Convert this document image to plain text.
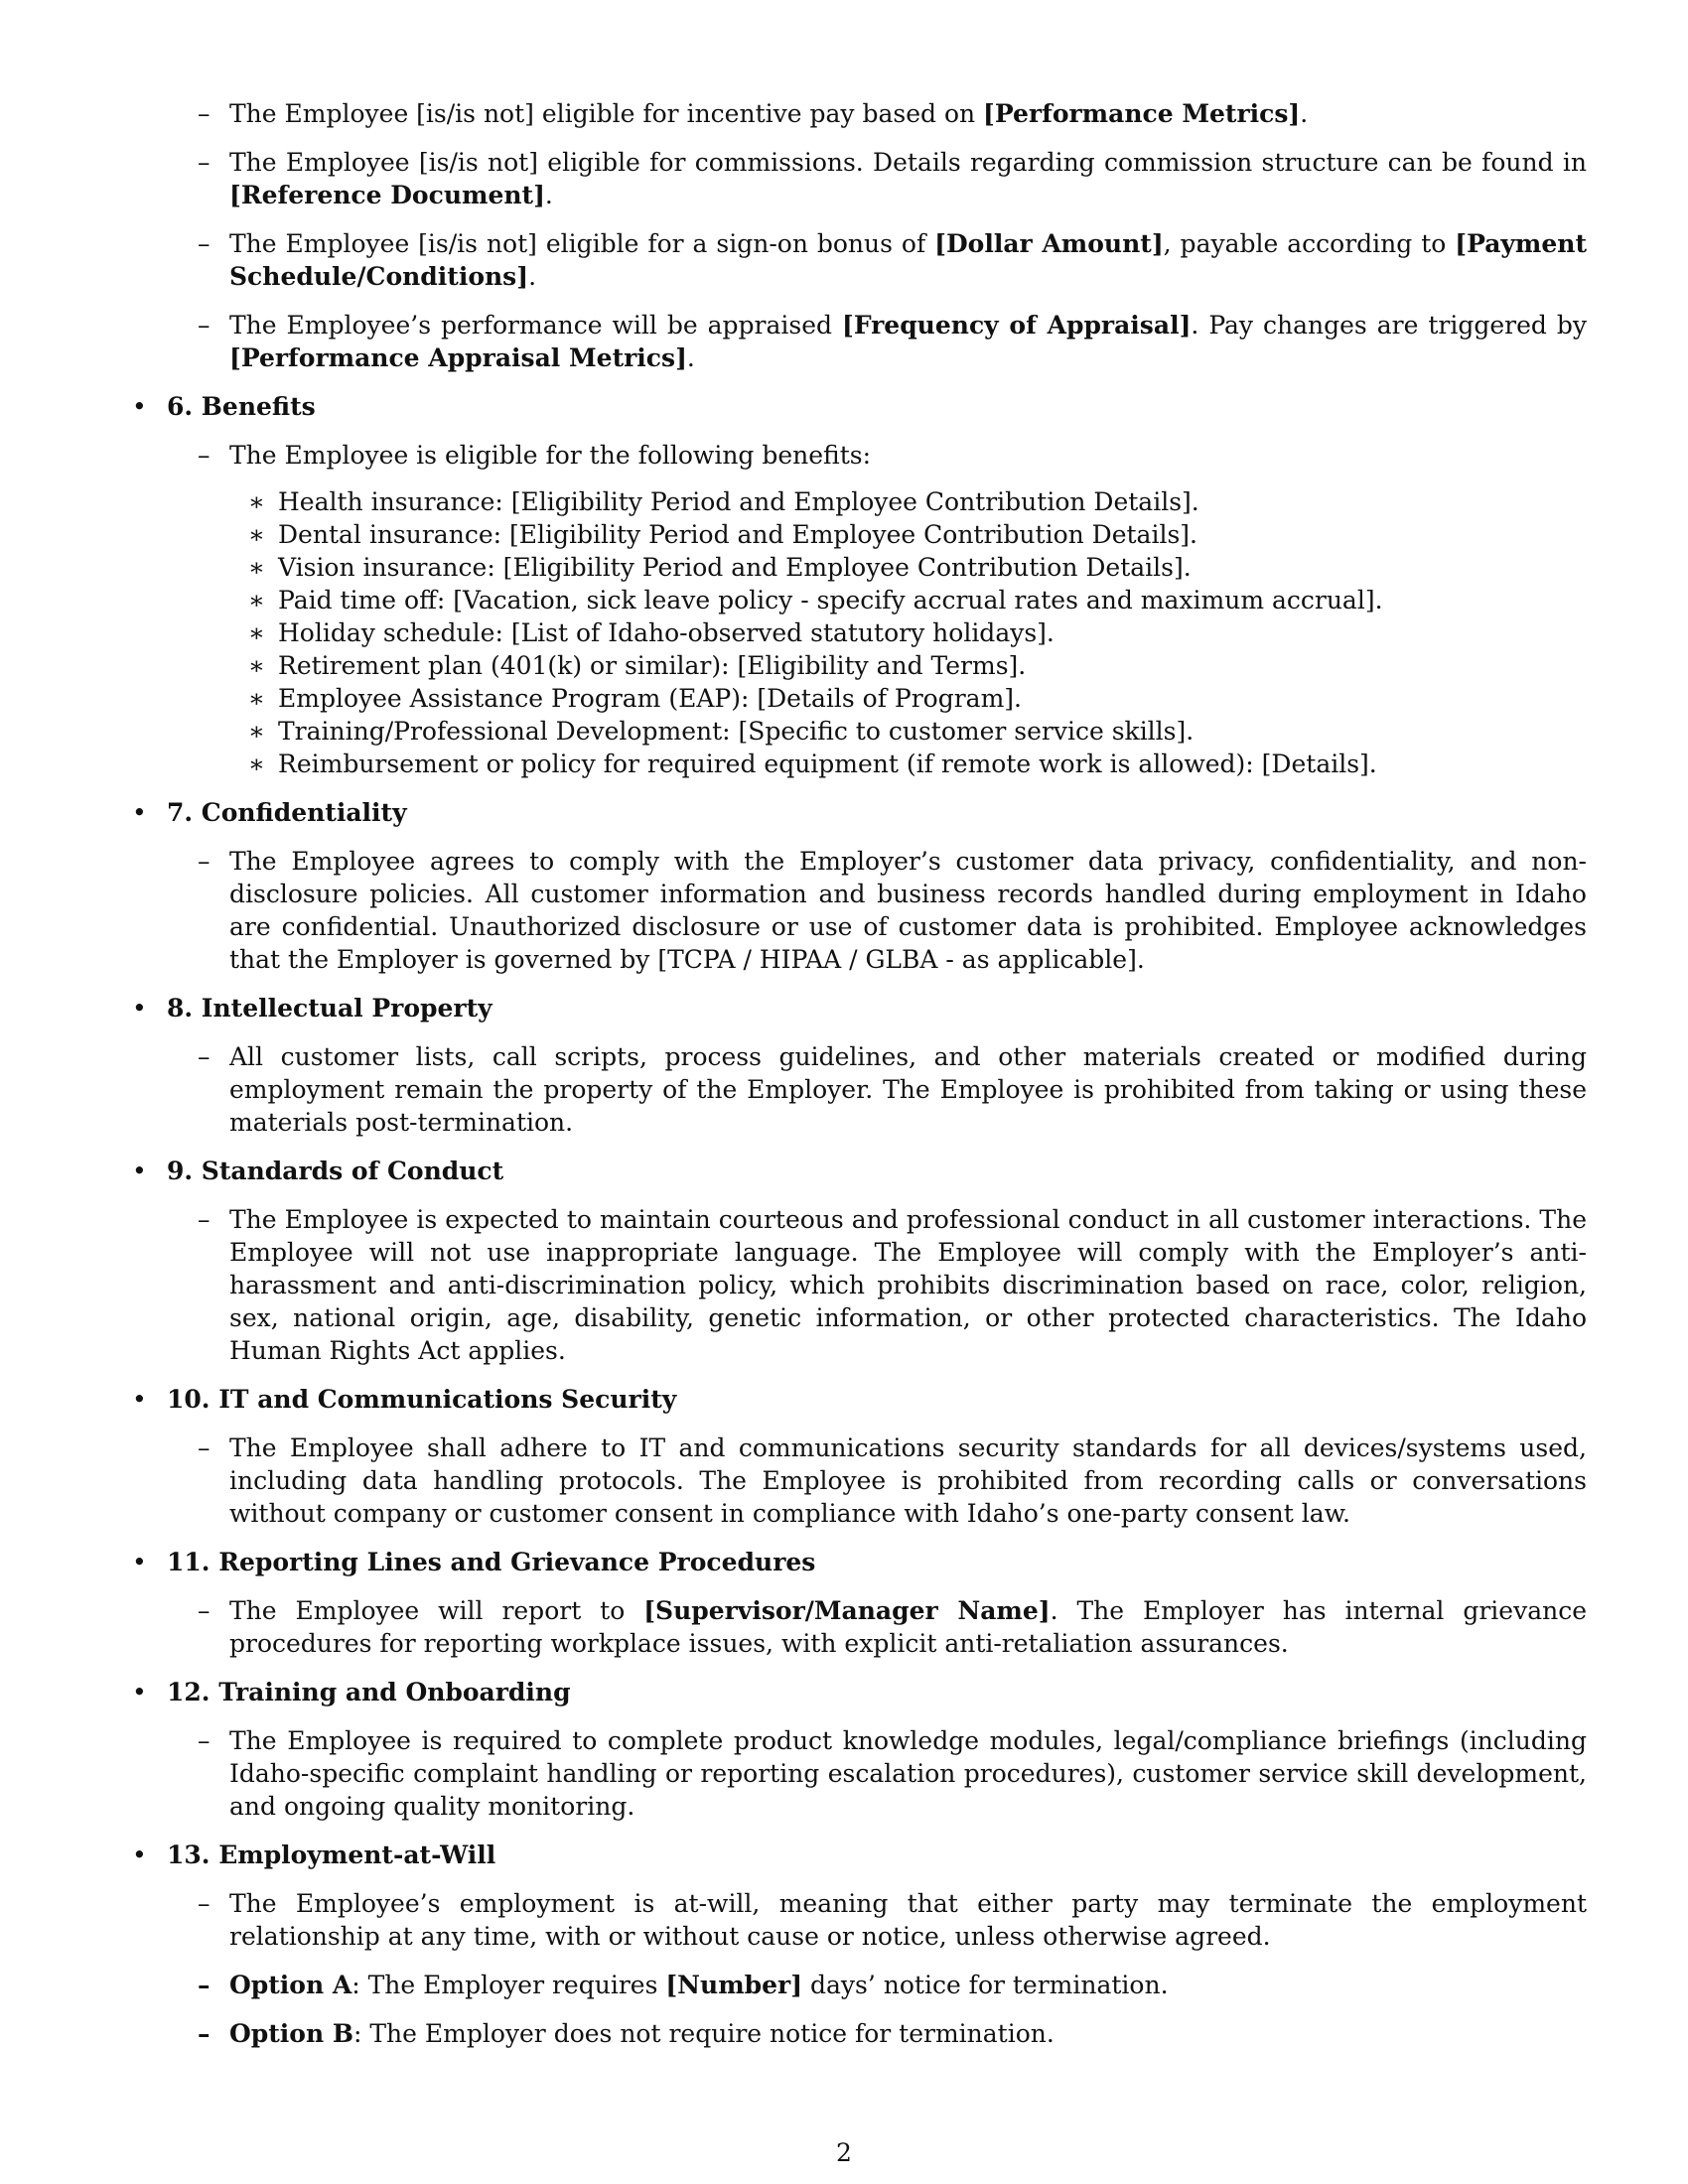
– The Employee [is/is not] eligible for incentive pay based on [Performance Metrics].
– The Employee [is/is not] eligible for commissions. Details regarding commission structure can be found in [Reference Document].
– The Employee [is/is not] eligible for a sign-on bonus of [Dollar Amount], payable according to [Payment Schedule/Conditions].
– The Employee’s performance will be appraised [Frequency of Appraisal]. Pay changes are triggered by [Performance Appraisal Metrics].
• 6. Benefits
– The Employee is eligible for the following benefits:
∗ Health insurance: [Eligibility Period and Employee Contribution Details].
∗ Dental insurance: [Eligibility Period and Employee Contribution Details].
∗ Vision insurance: [Eligibility Period and Employee Contribution Details].
∗ Paid time off: [Vacation, sick leave policy - specify accrual rates and maximum accrual].
∗ Holiday schedule: [List of Idaho-observed statutory holidays].
∗ Retirement plan (401(k) or similar): [Eligibility and Terms].
∗ Employee Assistance Program (EAP): [Details of Program].
∗ Training/Professional Development: [Specific to customer service skills].
∗ Reimbursement or policy for required equipment (if remote work is allowed): [Details].
• 7. Confidentiality
– The Employee agrees to comply with the Employer’s customer data privacy, confidentiality, and non-disclosure policies. All customer information and business records handled during employment in Idaho are confidential. Unauthorized disclosure or use of customer data is prohibited. Employee acknowledges that the Employer is governed by [TCPA / HIPAA / GLBA - as applicable].
• 8. Intellectual Property
– All customer lists, call scripts, process guidelines, and other materials created or modified during employment remain the property of the Employer. The Employee is prohibited from taking or using these materials post-termination.
• 9. Standards of Conduct
– The Employee is expected to maintain courteous and professional conduct in all customer interactions. The Employee will not use inappropriate language. The Employee will comply with the Employer’s anti-harassment and anti-discrimination policy, which prohibits discrimination based on race, color, religion, sex, national origin, age, disability, genetic information, or other protected characteristics. The Idaho Human Rights Act applies.
• 10. IT and Communications Security
– The Employee shall adhere to IT and communications security standards for all devices/systems used, including data handling protocols. The Employee is prohibited from recording calls or conversations without company or customer consent in compliance with Idaho’s one-party consent law.
• 11. Reporting Lines and Grievance Procedures
– The Employee will report to [Supervisor/Manager Name]. The Employer has internal grievance procedures for reporting workplace issues, with explicit anti-retaliation assurances.
• 12. Training and Onboarding
– The Employee is required to complete product knowledge modules, legal/compliance briefings (including Idaho-specific complaint handling or reporting escalation procedures), customer service skill development, and ongoing quality monitoring.
• 13. Employment-at-Will
– The Employee’s employment is at-will, meaning that either party may terminate the employment relationship at any time, with or without cause or notice, unless otherwise agreed.
– Option A: The Employer requires [Number] days’ notice for termination.
– Option B: The Employer does not require notice for termination.
2
